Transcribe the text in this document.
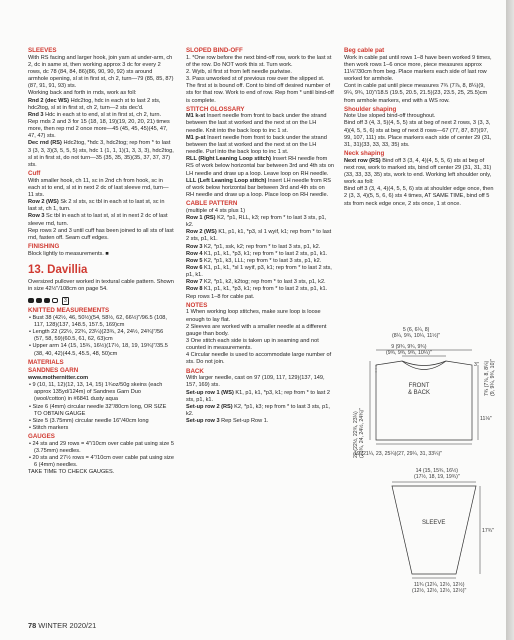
SLEEVES

With RS facing and larger hook, join yarn at under-arm, ch 2, dc in same st, then working approx 3 dc for every 2 rows, dc 78 (84, 84, 86)(86, 90, 90, 92) sts around armhole opening, sl st in first st, ch 2, turn—79 (85, 85, 87)(87, 91, 91, 93) sts.

Working back and forth in rnds, work as foll:

Rnd 2 (dec WS) Hdc2tog, hdc in each st to last 2 sts, hdc2tog, sl st in first st, ch 2, turn—2 sts dec'd.

Rnd 3 Hdc in each st to end, sl st in first st, ch 2, turn.

Rep rnds 2 and 3 for 15 (18, 18, 19)(19, 20, 20, 21) times more, then rep rnd 2 once more—45 (45, 45, 45)(45, 47, 47, 47) sts.

Dec rnd (RS) Hdc2tog, *hdc 3, hdc2tog; rep from * to last 3 (3, 3, 3)(3, 5, 5, 5) sts, hdc 1 (1, 1, 1)(1, 3, 3, 3), hdc2tog, sl st in first st, do not turn—35 (35, 35, 35)(35, 37, 37, 37) sts.

Cuff

With smaller hook, ch 11, sc in 2nd ch from hook, sc in each st to end, sl st in next 2 dc of last sleeve rnd, turn—11 sts.

Row 2 (WS) Sk 2 sl sts, sc tbl in each st to last st, sc in last st, ch 1, turn.

Row 3 Sc tbl in each st to last st, sl st in next 2 dc of last sleeve rnd, turn.

Rep rows 2 and 3 until cuff has been joined to all sts of last rnd, fasten off. Seam cuff edges.

FINISHING

Block lightly to measurements. ■

13. Davillia

Oversized pullover worked in textural cable pattern. Shown in size 42½"/108cm on page 54.

3

KNITTED MEASUREMENTS

• Bust 38 (42½, 46, 50½)(54, 58½, 62, 66½)"/96.5 (108, 117, 128)(137, 148.5, 157.5, 169)cm

• Length 22 (22½, 22¾, 23¼)(23¾, 24, 24½, 24¾)"/56 (57, 58, 59)(60.5, 61, 62, 63)cm

• Upper arm 14 (15, 15¾, 16½)(17½, 18, 19, 19¾)"/35.5 (38, 40, 42)(44.5, 45.5, 48, 50)cm

MATERIALS

SANDNES GARN

www.mothernitter.com

• 9 (10, 11, 12)(12, 13, 14, 15) 1¾oz/50g skeins (each approx 135yd/124m) of Sandnes Garn Duo (wool/cotton) in #6841 dusty aqua

• Size 6 (4mm) circular needle 32"/80cm long, OR SIZE TO OBTAIN GAUGE

• Size 5 (3.75mm) circular needle 16"/40cm long

• Stitch markers

GAUGES

• 24 sts and 29 rows = 4"/10cm over cable pat using size 5 (3.75mm) needles.

• 20 sts and 27½ rows = 4"/10cm over cable pat using size 6 (4mm) needles.

TAKE TIME TO CHECK GAUGES.

SLOPED BIND-OFF

1. *One row before the next bind-off row, work to the last st of the row. Do NOT work this st. Turn work.

2. Wyib, sl first st from left needle purlwise.

3. Pass unworked st of previous row over the slipped st. The first st is bound off. Cont to bind off desired number of sts for that row. Work to end of row. Rep from * until bind-off is complete.

STITCH GLOSSARY

M1 k-st Insert needle from front to back under the strand between the last st worked and the next st on the LH needle. Knit into the back loop to inc 1 st.

M1 p-st Insert needle from front to back under the strand between the last st worked and the next st on the LH needle. Purl into the back loop to inc 1 st.

RLL (Right Leaning Loop stitch) Insert RH needle from RS of work below horizontal bar between 3rd and 4th sts on LH needle and draw up a loop. Leave loop on RH needle.

LLL (Left Leaning Loop stitch) Insert LH needle from RS of work below horizontal bar between 3rd and 4th sts on RH needle and draw up a loop. Place loop on RH needle.

CABLE PATTERN

(multiple of 4 sts plus 1)

Row 1 (RS) K2, *p1, RLL, k3; rep from * to last 3 sts, p1, k2.

Row 2 (WS) K1, p1, k1, *p3, sl 1 wyif, k1; rep from * to last 2 sts, p1, k1.

Row 3 K2, *p1, ssk, k2; rep from * to last 3 sts, p1, k2.

Row 4 K1, p1, k1, *p3, k1; rep from * to last 2 sts, p1, k1.

Row 5 K2, *p1, k3, LLL; rep from * to last 3 sts, p1, k2.

Row 6 K1, p1, k1, *sl 1 wyif, p3, k1; rep from * to last 2 sts, p1, k1.

Row 7 K2, *p1, k2, k2tog; rep from * to last 3 sts, p1, k2.

Row 8 K1, p1, k1, *p3, k1; rep from * to last 2 sts, p1, k1.

Rep rows 1–8 for cable pat.

NOTES

1 When working loop stitches, make sure loop is loose enough to lay flat.

2 Sleeves are worked with a smaller needle at a different gauge than body.

3 One stitch each side is taken up in seaming and not counted in measurements.

4 Circular needle is used to accommodate large number of sts. Do not join.

BACK

With larger needle, cast on 97 (109, 117, 129)(137, 149, 157, 169) sts.

Set-up row 1 (WS) K1, p1, k1, *p3, k1; rep from * to last 2 sts, p1, k1.

Set-up row 2 (RS) K2, *p1, k3; rep from * to last 3 sts, p1, k2.

Set-up row 3 Rep Set-up Row 1.

Beg cable pat

Work in cable pat until rows 1–8 have been worked 9 times, then work rows 1–6 once more, piece measures approx 11⅛"/30cm from beg. Place markers each side of last row worked for armhole.

Cont in cable pat until piece measures 7¾ (7⅞, 8, 8¼)(9, 9¼, 9¾, 10)"/18.5 (19.5, 20.5, 21.5)(23, 23.5, 25, 25.5)cm from armhole markers, end with a WS row.

Shoulder shaping

Note Use sloped bind-off throughout.

Bind off 3 (4, 3, 5)(4, 5, 5) sts at beg of next 2 rows, 3 (3, 3, 4)(4, 5, 5, 6) sts at beg of next 8 rows—67 (77, 87, 87)(97, 99, 107, 111) sts. Place markers each side of center 29 (31, 31, 31)(33, 33, 33, 35) sts.

Neck shaping

Next row (RS) Bind off 3 (3, 4, 4)(4, 5, 5, 6) sts at beg of next row, work to marked sts, bind off center 29 (31, 31, 31)(33, 33, 33, 35) sts, work to end. Working left shoulder only, work as foll:

Bind off 3 (3, 4, 4)(4, 5, 5, 6) sts at shoulder edge once, then 2 (3, 3, 4)(5, 5, 6, 6) sts 4 times, AT SAME TIME, bind off 5 sts from neck edge once, 2 sts once, 1 st once.

5 (6, 6¼, 8)
(8¼, 9¾, 10¼, 11½)"
9 (9¾, 9¾, 9¾)
(9¾, 9¾, 9¾, 10¼)"
3"
FRONT
& BACK
11⅛"
22 (22½, 22¾, 23¼) (23¾, 24, 24½, 24¾)"
7¾ (7⅞, 8, 8¼) (9, 9¼, 9¾, 10)"
19 (21¼, 23, 25¼)(27, 29¼, 31, 33¼)"
14 (15, 15¾, 16½)
(17½, 18, 19, 19¾)"
SLEEVE
17¾"
11¾ (12¼, 12½, 12½)
(12½, 12½, 12½, 12½)"
78 WINTER 2020/21
